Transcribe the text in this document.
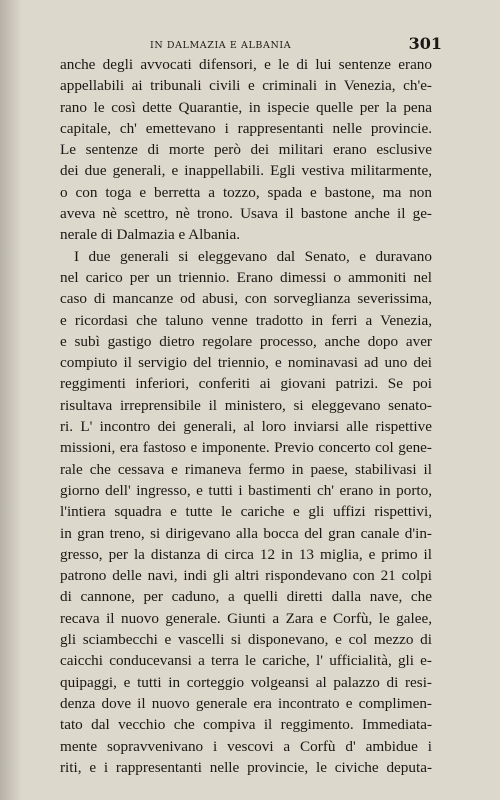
IN DALMAZIA E ALBANIA	301
anche degli avvocati difensori, e le di lui sentenze erano
appellabili ai tribunali civili e criminali in Venezia, ch'e-
rano le così dette Quarantie, in ispecie quelle per la pena
capitale, ch' emettevano i rappresentanti nelle provincie.
Le sentenze di morte però dei militari erano esclusive
dei due generali, e inappellabili. Egli vestiva militarmente,
o con toga e berretta a tozzo, spada e bastone, ma non
aveva nè scettro, nè trono. Usava il bastone anche il ge-
nerale di Dalmazia e Albania.
I due generali si eleggevano dal Senato, e duravano
nel carico per un triennio. Erano dimessi o ammoniti nel
caso di mancanze od abusi, con sorveglianza severissima,
e ricordasi che taluno venne tradotto in ferri a Venezia,
e subì gastigo dietro regolare processo, anche dopo aver
compiuto il servigio del triennio, e nominavasi ad uno dei
reggimenti inferiori, conferiti ai giovani patrizi. Se poi
risultava irreprensibile il ministero, si eleggevano senato-
ri. L' incontro dei generali, al loro inviarsi alle rispettive
missioni, era fastoso e imponente. Previo concerto col gene-
rale che cessava e rimaneva fermo in paese, stabilivasi il
giorno dell' ingresso, e tutti i bastimenti ch' erano in porto,
l'intiera squadra e tutte le cariche e gli uffizi rispettivi,
in gran treno, si dirigevano alla bocca del gran canale d'in-
gresso, per la distanza di circa 12 in 13 miglia, e primo il
patrono delle navi, indi gli altri rispondevano con 21 colpi
di cannone, per caduno, a quelli diretti dalla nave, che
recava il nuovo generale. Giunti a Zara e Corfù, le galee,
gli sciambecchi e vascelli si disponevano, e col mezzo di
caicchi conducevansi a terra le cariche, l' ufficialità, gli e-
quipaggi, e tutti in corteggio volgeansi al palazzo di resi-
denza dove il nuovo generale era incontrato e complimen-
tato dal vecchio che compiva il reggimento. Immediata-
mente sopravvenivano i vescovi a Corfù d' ambidue i
riti, e i rappresentanti nelle provincie, le civiche deputa-
